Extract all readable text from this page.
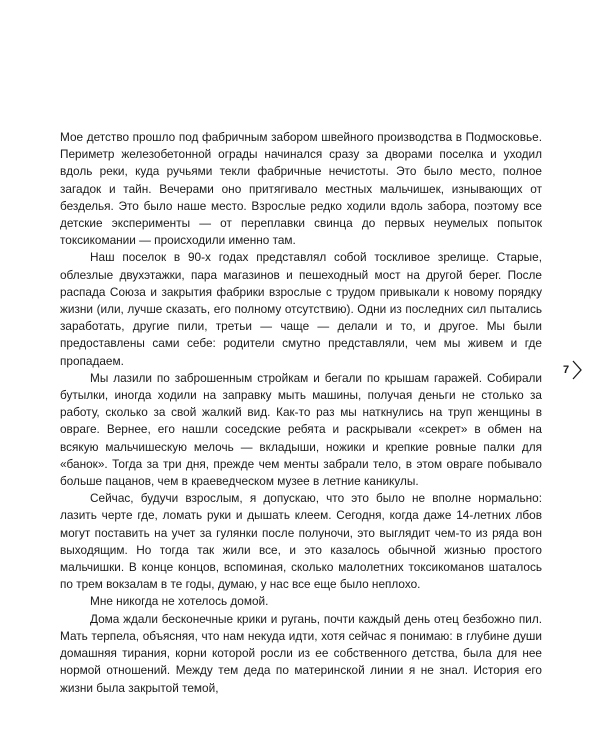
Мое детство прошло под фабричным забором швейного производства в Подмосковье. Периметр железобетонной ограды начинался сразу за дворами поселка и уходил вдоль реки, куда ручьями текли фабричные нечистоты. Это было место, полное загадок и тайн. Вечерами оно притягивало местных мальчишек, изнывающих от безделья. Это было наше место. Взрослые редко ходили вдоль забора, поэтому все детские эксперименты — от переплавки свинца до первых неумелых попыток токсикомании — происходили именно там.

Наш поселок в 90-х годах представлял собой тоскливое зрелище. Старые, облезлые двухэтажки, пара магазинов и пешеходный мост на другой берег. После распада Союза и закрытия фабрики взрослые с трудом привыкали к новому порядку жизни (или, лучше сказать, его полному отсутствию). Одни из последних сил пытались заработать, другие пили, третьи — чаще — делали и то, и другое. Мы были предоставлены сами себе: родители смутно представляли, чем мы живем и где пропадаем.

Мы лазили по заброшенным стройкам и бегали по крышам гаражей. Собирали бутылки, иногда ходили на заправку мыть машины, получая деньги не столько за работу, сколько за свой жалкий вид. Как-то раз мы наткнулись на труп женщины в овраге. Вернее, его нашли соседские ребята и раскрывали «секрет» в обмен на всякую мальчишескую мелочь — вкладыши, ножики и крепкие ровные палки для «банок». Тогда за три дня, прежде чем менты забрали тело, в этом овраге побывало больше пацанов, чем в краеведческом музее в летние каникулы.

Сейчас, будучи взрослым, я допускаю, что это было не вполне нормально: лазить черте где, ломать руки и дышать клеем. Сегодня, когда даже 14-летних лбов могут поставить на учет за гулянки после полуночи, это выглядит чем-то из ряда вон выходящим. Но тогда так жили все, и это казалось обычной жизнью простого мальчишки. В конце концов, вспоминая, сколько малолетних токсикоманов шаталось по трем вокзалам в те годы, думаю, у нас все еще было неплохо.

Мне никогда не хотелось домой.

Дома ждали бесконечные крики и ругань, почти каждый день отец безбожно пил. Мать терпела, объясняя, что нам некуда идти, хотя сейчас я понимаю: в глубине души домашняя тирания, корни которой росли из ее собственного детства, была для нее нормой отношений. Между тем деда по материнской линии я не знал. История его жизни была закрытой темой,

7
